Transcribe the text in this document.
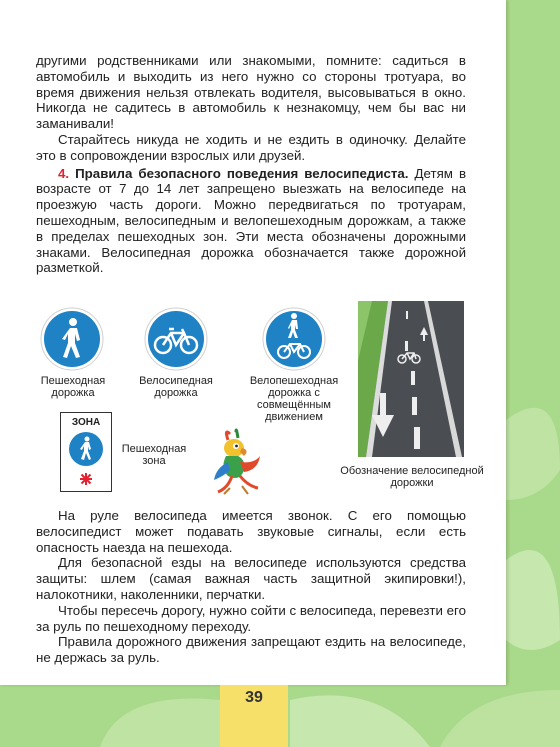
другими родственниками или знакомыми, помните: садиться в автомобиль и выходить из него нужно со стороны тротуара, во время движения нельзя отвлекать водителя, высовываться в окно. Никогда не садитесь в автомобиль к незнакомцу, чем бы вас ни заманивали!

Старайтесь никуда не ходить и не ездить в одиночку. Делайте это в сопровождении взрослых или друзей.

4. Правила безопасного поведения велосипедиста. Детям в возрасте от 7 до 14 лет запрещено выезжать на велосипеде на проезжую часть дороги. Можно передвигаться по тротуарам, пешеходным, велосипедным и велопешеходным дорожкам, а также в пределах пешеходных зон. Эти места обозначены дорожными знаками. Велосипедная дорожка обозначается также дорожной разметкой.

Пешеходная дорожка
Велосипедная дорожка
Велопешеходная дорожка с совмещённым движением
ЗОНА
Пешеходная зона
Обозначение велосипедной дорожки

На руле велосипеда имеется звонок. С его помощью велосипедист может подавать звуковые сигналы, если есть опасность наезда на пешехода.

Для безопасной езды на велосипеде используются средства защиты: шлем (самая важная часть защитной экипировки!), налокотники, наколенники, перчатки.

Чтобы пересечь дорогу, нужно сойти с велосипеда, перевезти его за руль по пешеходному переходу.

Правила дорожного движения запрещают ездить на велосипеде, не держась за руль.

39
